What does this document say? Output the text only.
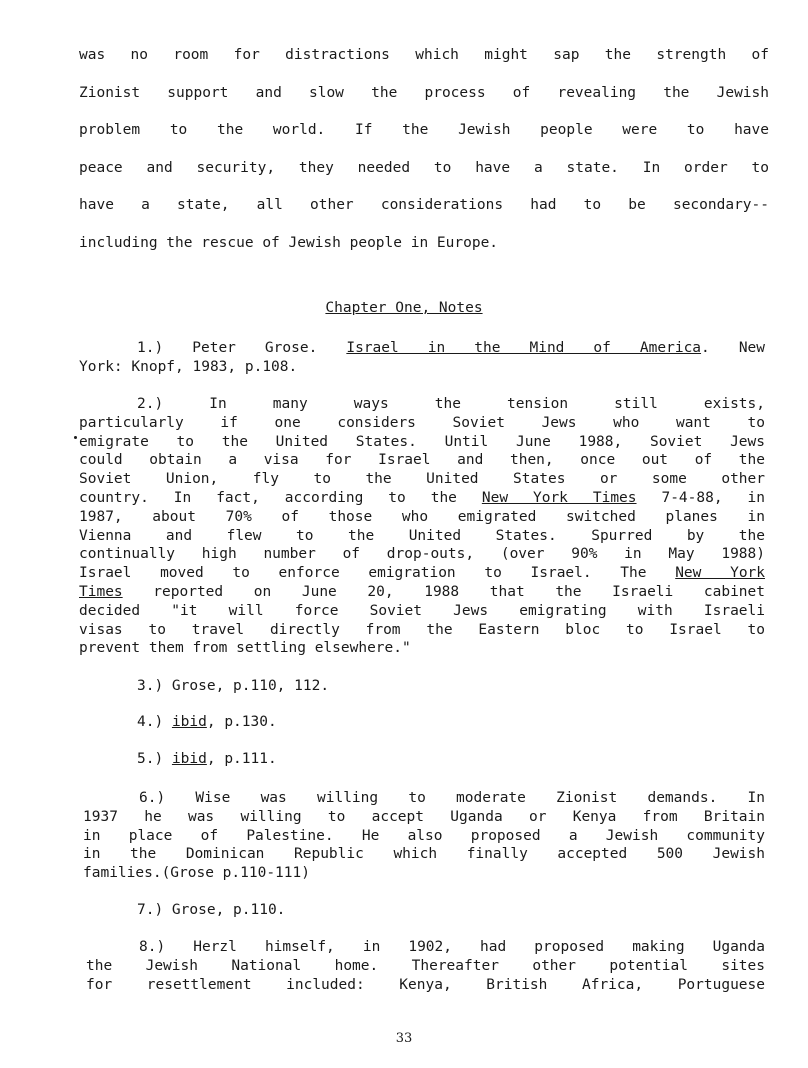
was no room for distractions which might sap the strength of
Zionist support and slow the process of revealing the Jewish
problem to the world. If the Jewish people were to have
peace and security, they needed to have a state. In order to
have a state, all other considerations had to be secondary--
including the rescue of Jewish people in Europe.
Chapter One, Notes
1.) Peter Grose. Israel in the Mind of America. New
York: Knopf, 1983, p.108.
2.) In many ways the tension still exists,
particularly if one considers Soviet Jews who want to
emigrate to the United States. Until June 1988, Soviet Jews
could obtain a visa for Israel and then, once out of the
Soviet Union, fly to the United States or some other
country. In fact, according to the New York Times 7-4-88, in
1987, about 70% of those who emigrated switched planes in
Vienna and flew to the United States. Spurred by the
continually high number of drop-outs, (over 90% in May 1988)
Israel moved to enforce emigration to Israel. The New York
Times reported on June 20, 1988 that the Israeli cabinet
decided "it will force Soviet Jews emigrating with Israeli
visas to travel directly from the Eastern bloc to Israel to
prevent them from settling elsewhere."
3.) Grose, p.110, 112.
4.) ibid, p.130.
5.) ibid, p.111.
6.) Wise was willing to moderate Zionist demands. In
1937 he was willing to accept Uganda or Kenya from Britain
in place of Palestine. He also proposed a Jewish community
in the Dominican Republic which finally accepted 500 Jewish
families.(Grose p.110-111)
7.) Grose, p.110.
8.) Herzl himself, in 1902, had proposed making Uganda
the Jewish National home. Thereafter other potential sites
for resettlement included: Kenya, British Africa, Portuguese

33
